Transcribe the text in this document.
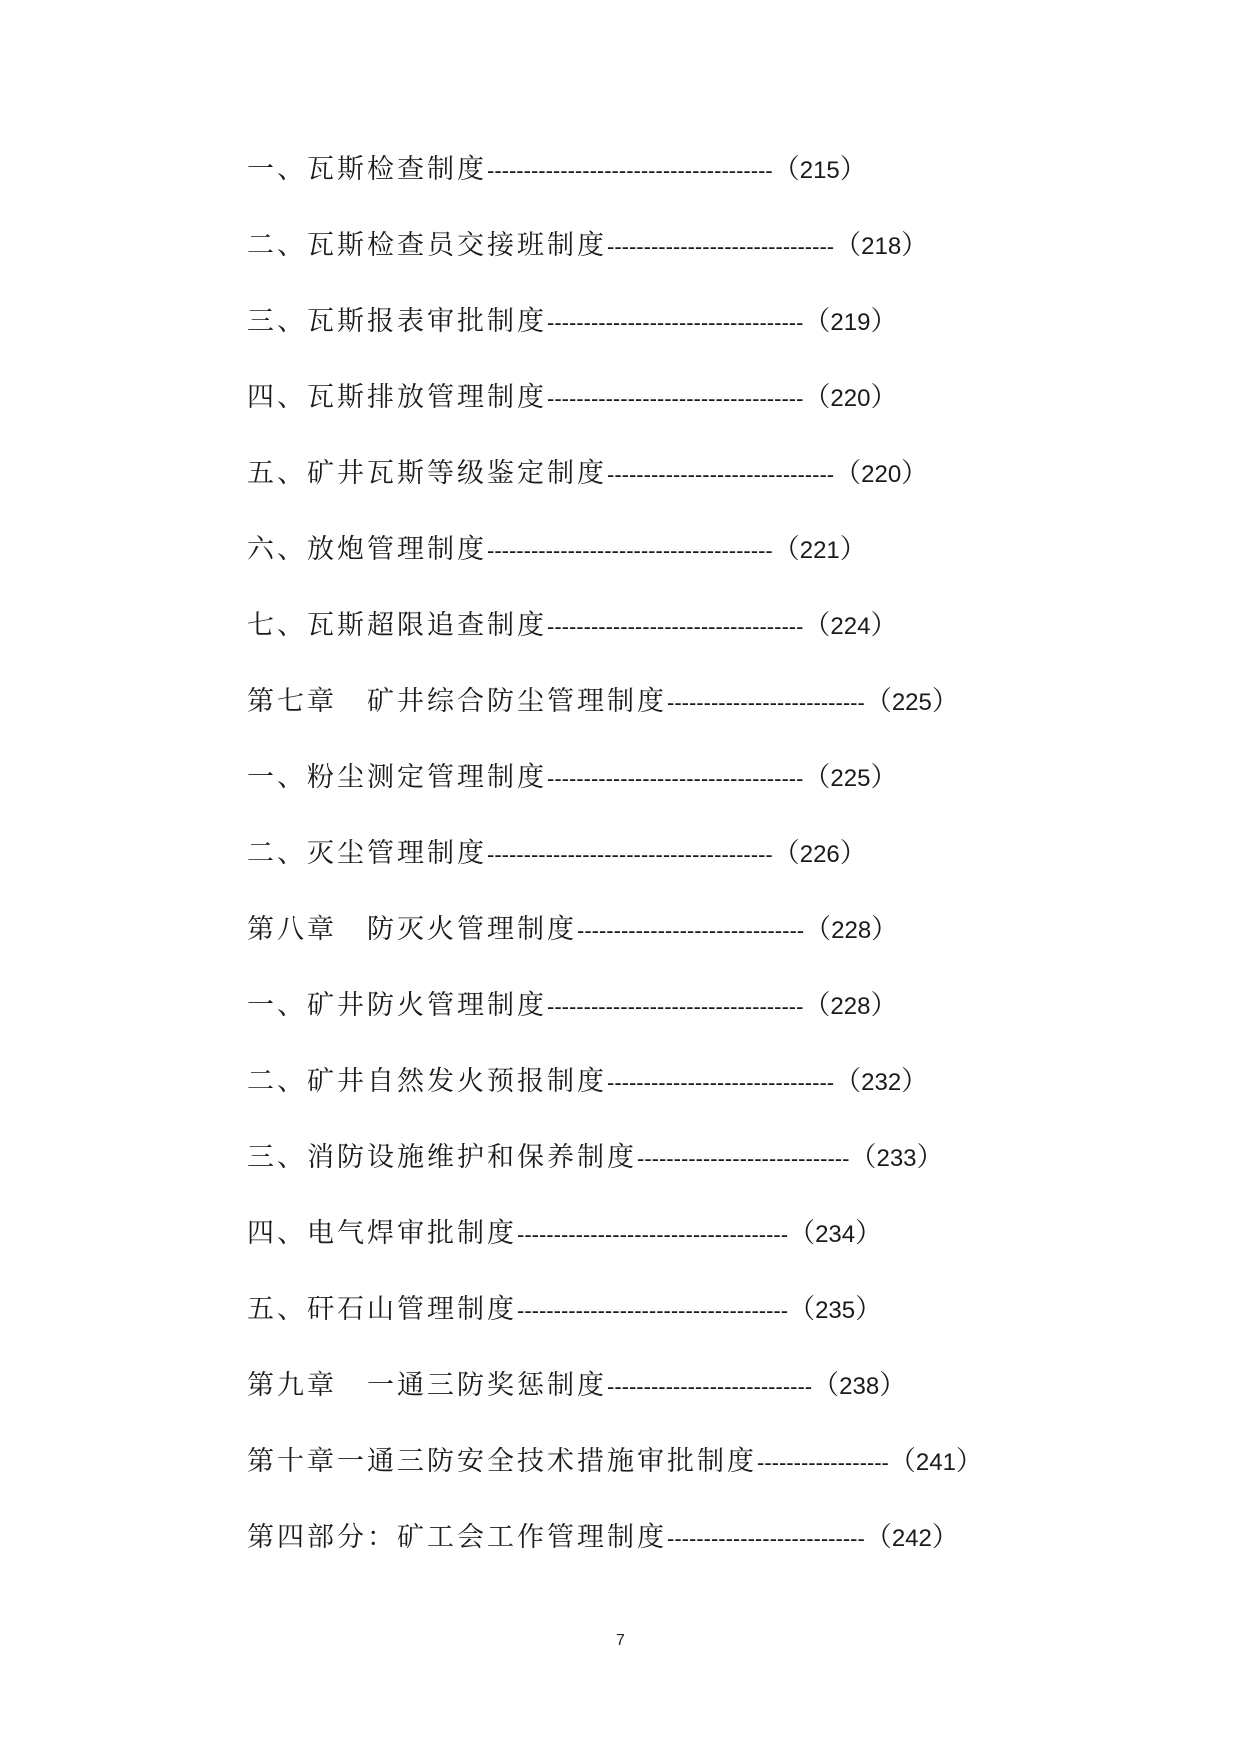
一、瓦斯检查制度---------------------------------------（215）
二、瓦斯检查员交接班制度-------------------------------（218）
三、瓦斯报表审批制度-----------------------------------（219）
四、瓦斯排放管理制度-----------------------------------（220）
五、矿井瓦斯等级鉴定制度-------------------------------（220）
六、放炮管理制度---------------------------------------（221）
七、瓦斯超限追查制度-----------------------------------（224）
第七章　矿井综合防尘管理制度---------------------------（225）
一、粉尘测定管理制度-----------------------------------（225）
二、灭尘管理制度---------------------------------------（226）
第八章　防灭火管理制度-------------------------------（228）
一、矿井防火管理制度-----------------------------------（228）
二、矿井自然发火预报制度-------------------------------（232）
三、消防设施维护和保养制度-----------------------------（233）
四、电气焊审批制度-------------------------------------（234）
五、矸石山管理制度-------------------------------------（235）
第九章　一通三防奖惩制度----------------------------（238）
第十章一通三防安全技术措施审批制度------------------（241）
第四部分：矿工会工作管理制度---------------------------（242）
7
